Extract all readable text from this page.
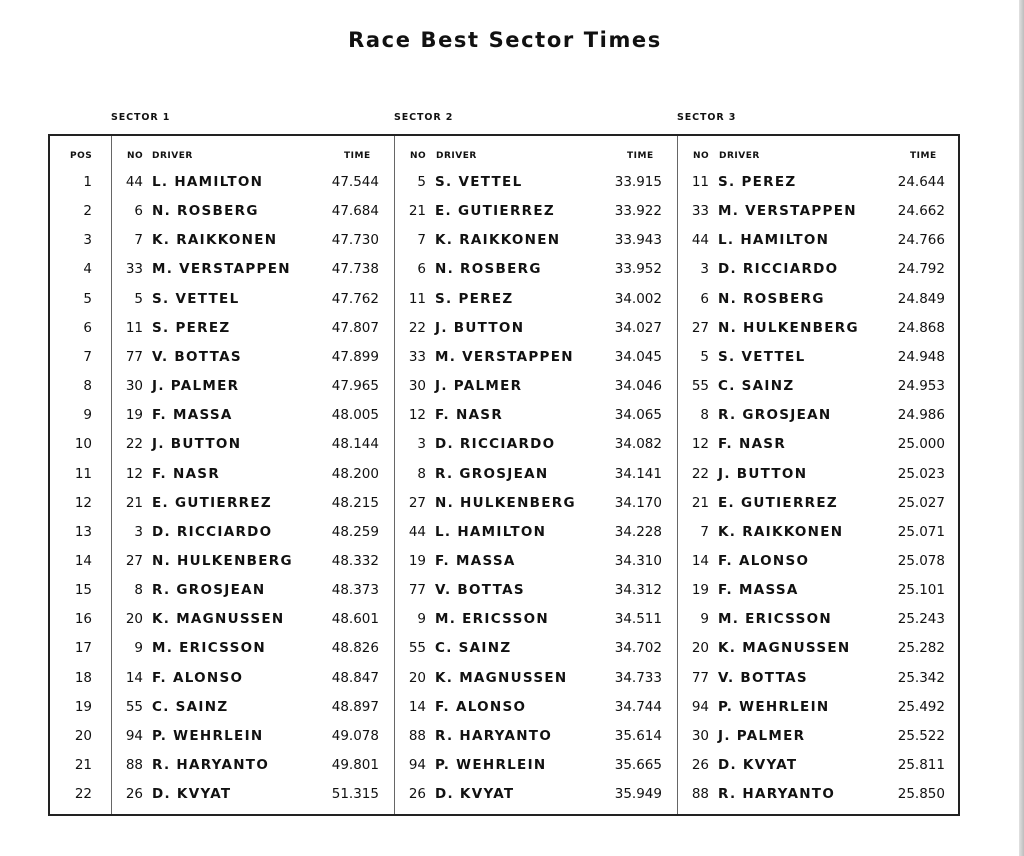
Race Best Sector Times
SECTOR 1	SECTOR 2	SECTOR 3
POS	NO DRIVER	TIME	NO DRIVER	TIME	NO DRIVER	TIME
1	44 L. HAMILTON	47.544	5 S. VETTEL	33.915	11 S. PEREZ	24.644
2	6 N. ROSBERG	47.684	21 E. GUTIERREZ	33.922	33 M. VERSTAPPEN	24.662
3	7 K. RAIKKONEN	47.730	7 K. RAIKKONEN	33.943	44 L. HAMILTON	24.766
4	33 M. VERSTAPPEN	47.738	6 N. ROSBERG	33.952	3 D. RICCIARDO	24.792
5	5 S. VETTEL	47.762	11 S. PEREZ	34.002	6 N. ROSBERG	24.849
6	11 S. PEREZ	47.807	22 J. BUTTON	34.027	27 N. HULKENBERG	24.868
7	77 V. BOTTAS	47.899	33 M. VERSTAPPEN	34.045	5 S. VETTEL	24.948
8	30 J. PALMER	47.965	30 J. PALMER	34.046	55 C. SAINZ	24.953
9	19 F. MASSA	48.005	12 F. NASR	34.065	8 R. GROSJEAN	24.986
10	22 J. BUTTON	48.144	3 D. RICCIARDO	34.082	12 F. NASR	25.000
11	12 F. NASR	48.200	8 R. GROSJEAN	34.141	22 J. BUTTON	25.023
12	21 E. GUTIERREZ	48.215	27 N. HULKENBERG	34.170	21 E. GUTIERREZ	25.027
13	3 D. RICCIARDO	48.259	44 L. HAMILTON	34.228	7 K. RAIKKONEN	25.071
14	27 N. HULKENBERG	48.332	19 F. MASSA	34.310	14 F. ALONSO	25.078
15	8 R. GROSJEAN	48.373	77 V. BOTTAS	34.312	19 F. MASSA	25.101
16	20 K. MAGNUSSEN	48.601	9 M. ERICSSON	34.511	9 M. ERICSSON	25.243
17	9 M. ERICSSON	48.826	55 C. SAINZ	34.702	20 K. MAGNUSSEN	25.282
18	14 F. ALONSO	48.847	20 K. MAGNUSSEN	34.733	77 V. BOTTAS	25.342
19	55 C. SAINZ	48.897	14 F. ALONSO	34.744	94 P. WEHRLEIN	25.492
20	94 P. WEHRLEIN	49.078	88 R. HARYANTO	35.614	30 J. PALMER	25.522
21	88 R. HARYANTO	49.801	94 P. WEHRLEIN	35.665	26 D. KVYAT	25.811
22	26 D. KVYAT	51.315	26 D. KVYAT	35.949	88 R. HARYANTO	25.850
